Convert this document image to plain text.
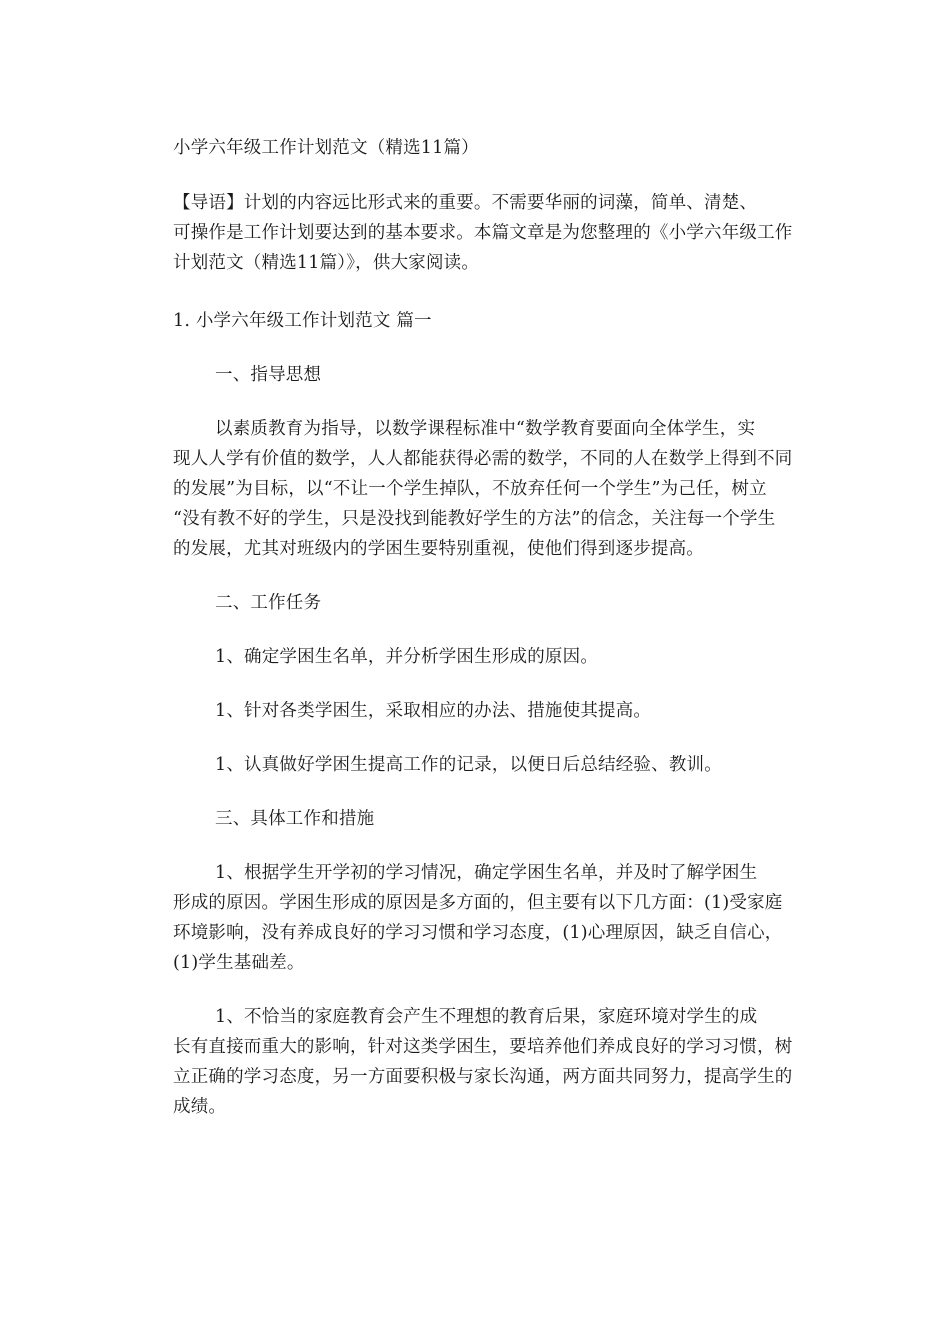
小学六年级工作计划范文（精选11篇）

【导语】计划的内容远比形式来的重要。不需要华丽的词藻，简单、清楚、
可操作是工作计划要达到的基本要求。本篇文章是为您整理的《小学六年级工作
计划范文（精选11篇）》，供大家阅读。

1. 小学六年级工作计划范文 篇一

一、指导思想

以素质教育为指导，以数学课程标准中“数学教育要面向全体学生，实
现人人学有价值的数学，人人都能获得必需的数学，不同的人在数学上得到不同
的发展”为目标，以“不让一个学生掉队，不放弃任何一个学生”为己任，树立
“没有教不好的学生，只是没找到能教好学生的方法”的信念，关注每一个学生
的发展，尤其对班级内的学困生要特别重视，使他们得到逐步提高。

二、工作任务

1、确定学困生名单，并分析学困生形成的原因。

1、针对各类学困生，采取相应的办法、措施使其提高。

1、认真做好学困生提高工作的记录，以便日后总结经验、教训。

三、具体工作和措施

1、根据学生开学初的学习情况，确定学困生名单，并及时了解学困生
形成的原因。学困生形成的原因是多方面的，但主要有以下几方面：(1)受家庭
环境影响，没有养成良好的学习习惯和学习态度，(1)心理原因，缺乏自信心，
(1)学生基础差。

1、不恰当的家庭教育会产生不理想的教育后果，家庭环境对学生的成
长有直接而重大的影响，针对这类学困生，要培养他们养成良好的学习习惯，树
立正确的学习态度，另一方面要积极与家长沟通，两方面共同努力，提高学生的
成绩。
